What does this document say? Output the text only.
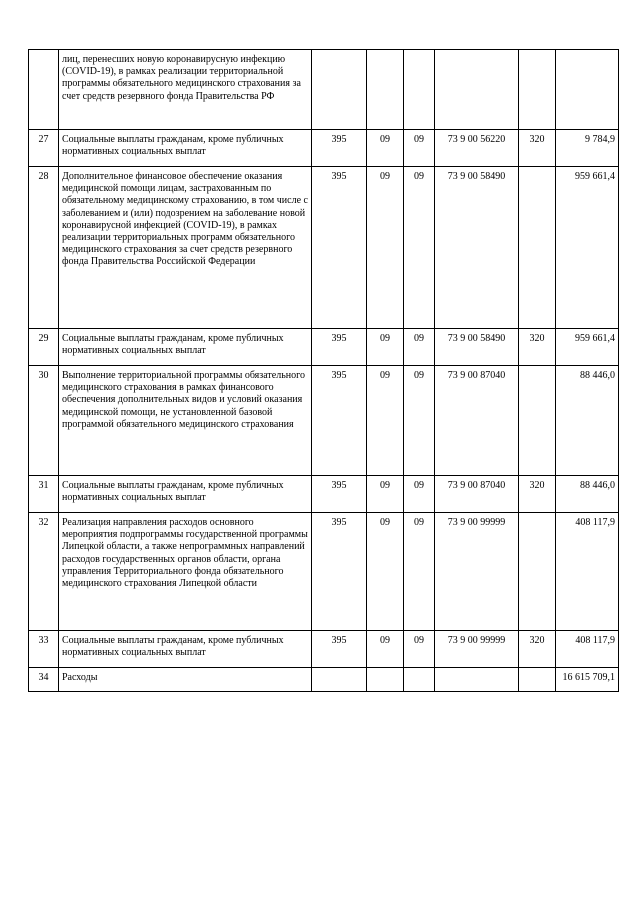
	лиц, перенесших новую коронавирусную инфекцию (COVID-19), в рамках реализации территориальной программы обязательного медицинского страхования за счет средств резервного фонда Правительства РФ						
27	Социальные выплаты гражданам, кроме публичных нормативных социальных выплат	395	09	09	73 9 00 56220	320	9 784,9
28	Дополнительное финансовое обеспечение оказания медицинской помощи лицам, застрахованным по обязательному медицинскому страхованию, в том числе с заболеванием и (или) подозрением на заболевание новой коронавирусной инфекцией (COVID-19), в рамках реализации территориальных программ обязательного медицинского страхования за счет средств резервного фонда Правительства Российской Федерации	395	09	09	73 9 00 58490		959 661,4
29	Социальные выплаты гражданам, кроме публичных нормативных социальных выплат	395	09	09	73 9 00 58490	320	959 661,4
30	Выполнение территориальной программы обязательного медицинского страхования в рамках финансового обеспечения дополнительных видов и условий оказания медицинской помощи, не установленной базовой программой обязательного медицинского страхования	395	09	09	73 9 00 87040		88 446,0
31	Социальные выплаты гражданам, кроме публичных нормативных социальных выплат	395	09	09	73 9 00 87040	320	88 446,0
32	Реализация направления расходов основного мероприятия подпрограммы государственной программы Липецкой области, а также непрограммных направлений расходов государственных органов области, органа управления Территориального фонда обязательного медицинского страхования Липецкой области	395	09	09	73 9 00 99999		408 117,9
33	Социальные выплаты гражданам, кроме публичных нормативных социальных выплат	395	09	09	73 9 00 99999	320	408 117,9
34	Расходы						16 615 709,1
